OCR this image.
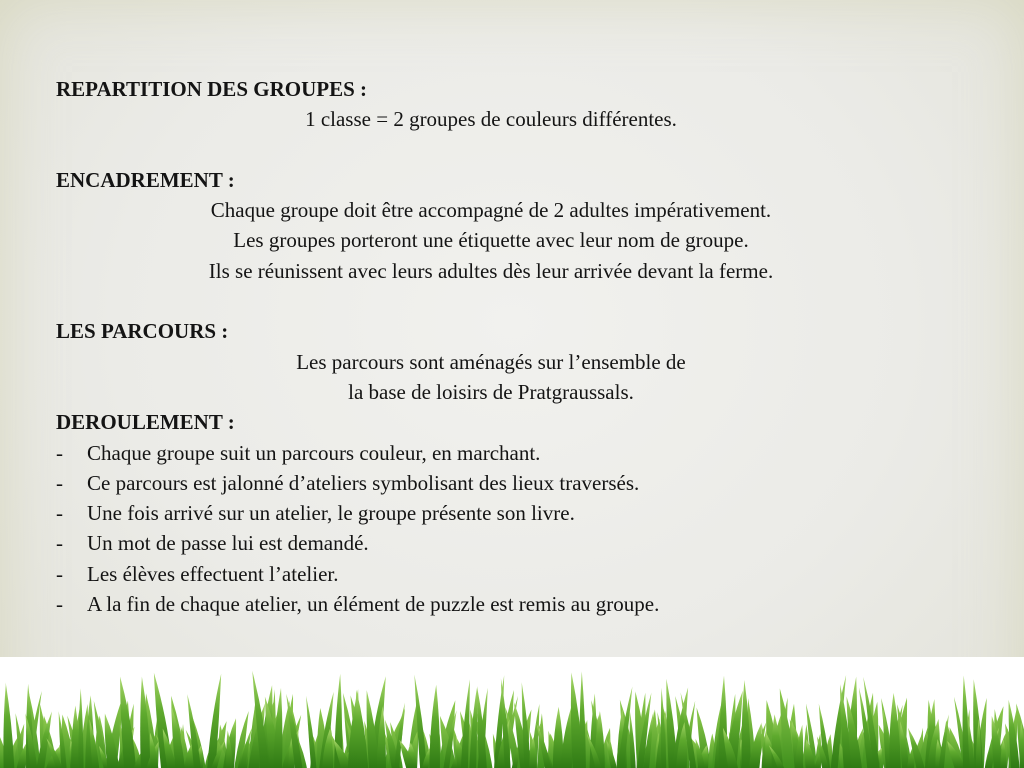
REPARTITION DES GROUPES :
1 classe = 2 groupes de couleurs différentes.
ENCADREMENT :
Chaque groupe doit être accompagné de 2 adultes impérativement.
Les groupes porteront une étiquette avec leur nom de groupe.
Ils se réunissent avec leurs adultes dès leur arrivée devant la ferme.
LES PARCOURS :
Les parcours sont aménagés sur l’ensemble de
la base de loisirs de Pratgraussals.
DEROULEMENT :
- Chaque groupe suit un parcours couleur, en marchant.
- Ce parcours est jalonné d’ateliers symbolisant des lieux traversés.
- Une fois arrivé sur un atelier, le groupe présente son livre.
- Un mot de passe lui est demandé.
- Les élèves effectuent l’atelier.
- A la fin de chaque atelier, un élément de puzzle est remis au groupe.
